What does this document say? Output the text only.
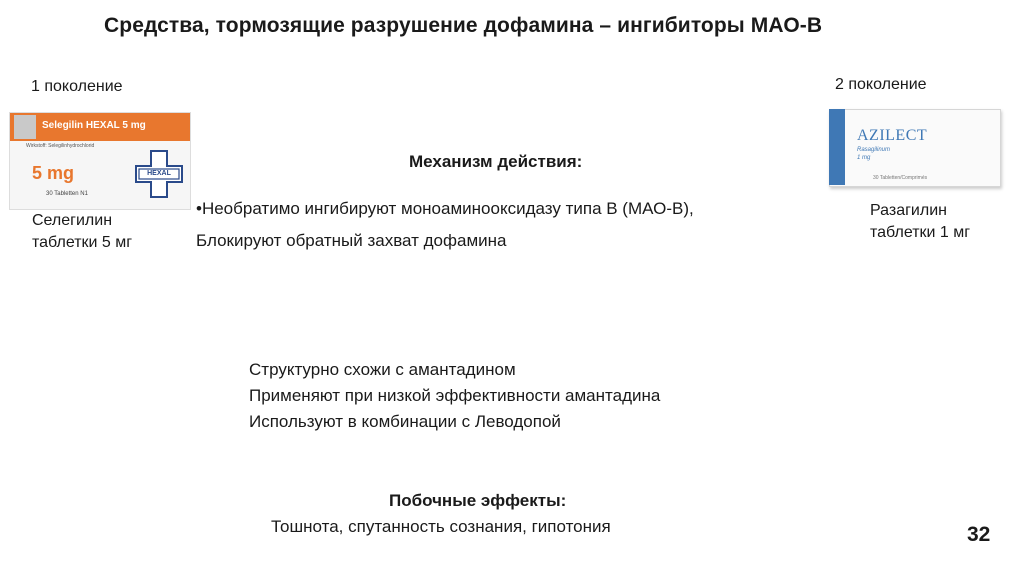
Средства, тормозящие разрушение дофамина – ингибиторы МАО-В
1 поколение
Selegilin HEXAL 5 mg
Wirkstoff: Selegilinhydrochlorid
5 mg
30 Tabletten N1
HEXAL
Селегилин
таблетки 5 мг
2 поколение
AZILECT
Rasagilinum
1 mg
30 Tabletten/Comprimés
Разагилин
таблетки 1 мг
Механизм действия:
•Необратимо ингибируют моноаминооксидазу типа В (МАО-В),
Блокируют обратный захват дофамина
Структурно схожи с амантадином
Применяют при низкой эффективности амантадина
Используют в комбинации с Леводопой
Побочные эффекты:
Тошнота, спутанность сознания, гипотония	32
